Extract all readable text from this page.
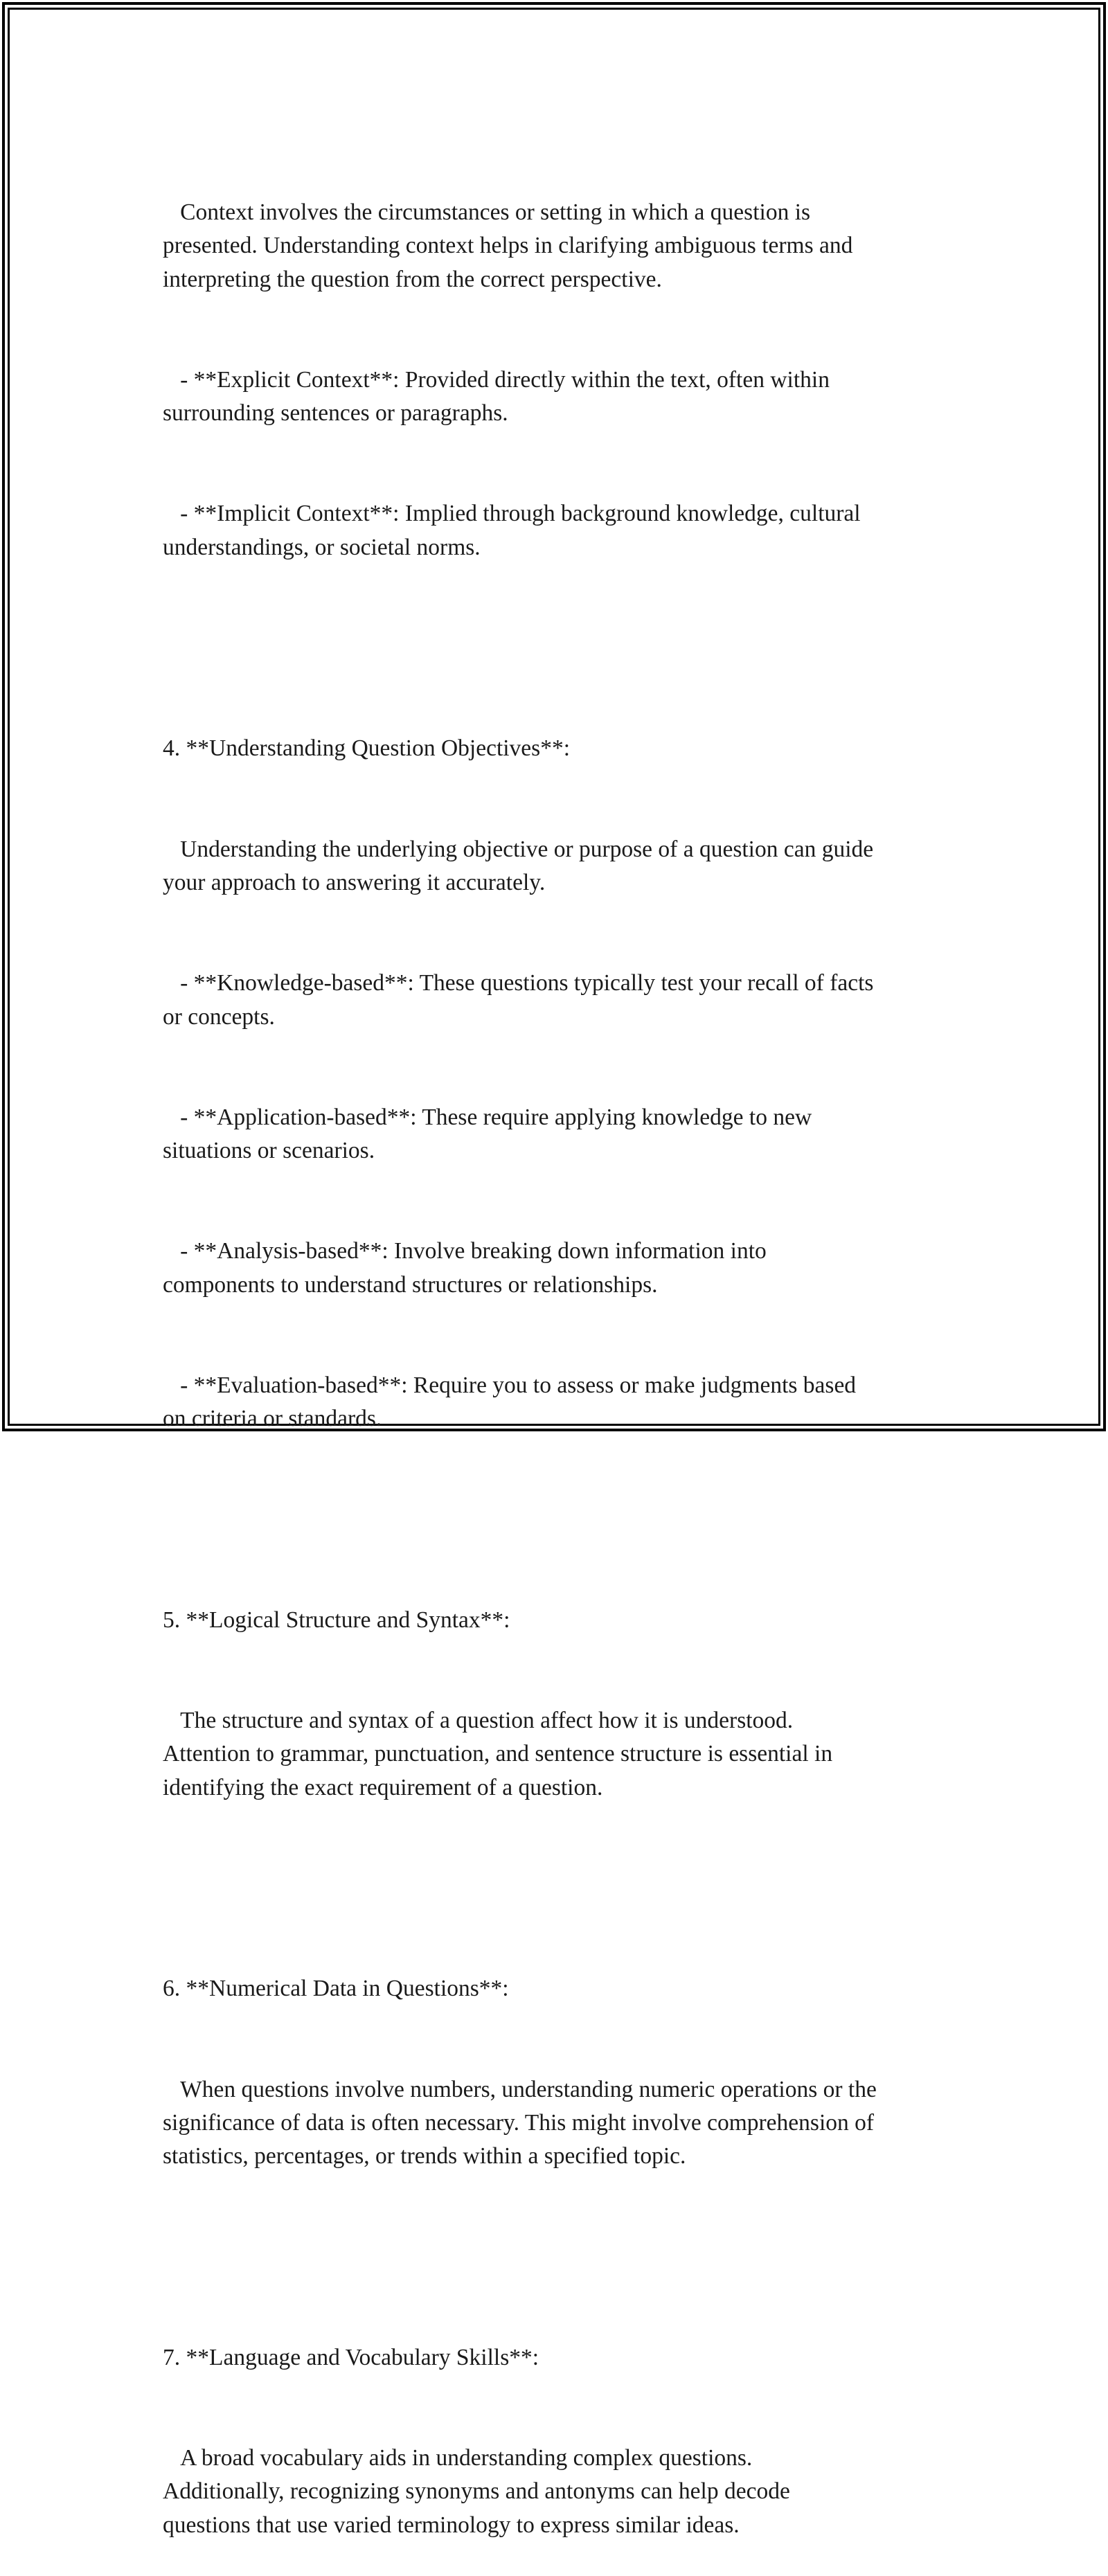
Context involves the circumstances or setting in which a question is
presented. Understanding context helps in clarifying ambiguous terms and
interpreting the question from the correct perspective.

- **Explicit Context**: Provided directly within the text, often within
surrounding sentences or paragraphs.

- **Implicit Context**: Implied through background knowledge, cultural
understandings, or societal norms.

4. **Understanding Question Objectives**:

Understanding the underlying objective or purpose of a question can guide
your approach to answering it accurately.

- **Knowledge-based**: These questions typically test your recall of facts
or concepts.

- **Application-based**: These require applying knowledge to new
situations or scenarios.

- **Analysis-based**: Involve breaking down information into
components to understand structures or relationships.

- **Evaluation-based**: Require you to assess or make judgments based
on criteria or standards.

5. **Logical Structure and Syntax**:

The structure and syntax of a question affect how it is understood.
Attention to grammar, punctuation, and sentence structure is essential in
identifying the exact requirement of a question.

6. **Numerical Data in Questions**:

When questions involve numbers, understanding numeric operations or the
significance of data is often necessary. This might involve comprehension of
statistics, percentages, or trends within a specified topic.

7. **Language and Vocabulary Skills**:

A broad vocabulary aids in understanding complex questions.
Additionally, recognizing synonyms and antonyms can help decode
questions that use varied terminology to express similar ideas.
